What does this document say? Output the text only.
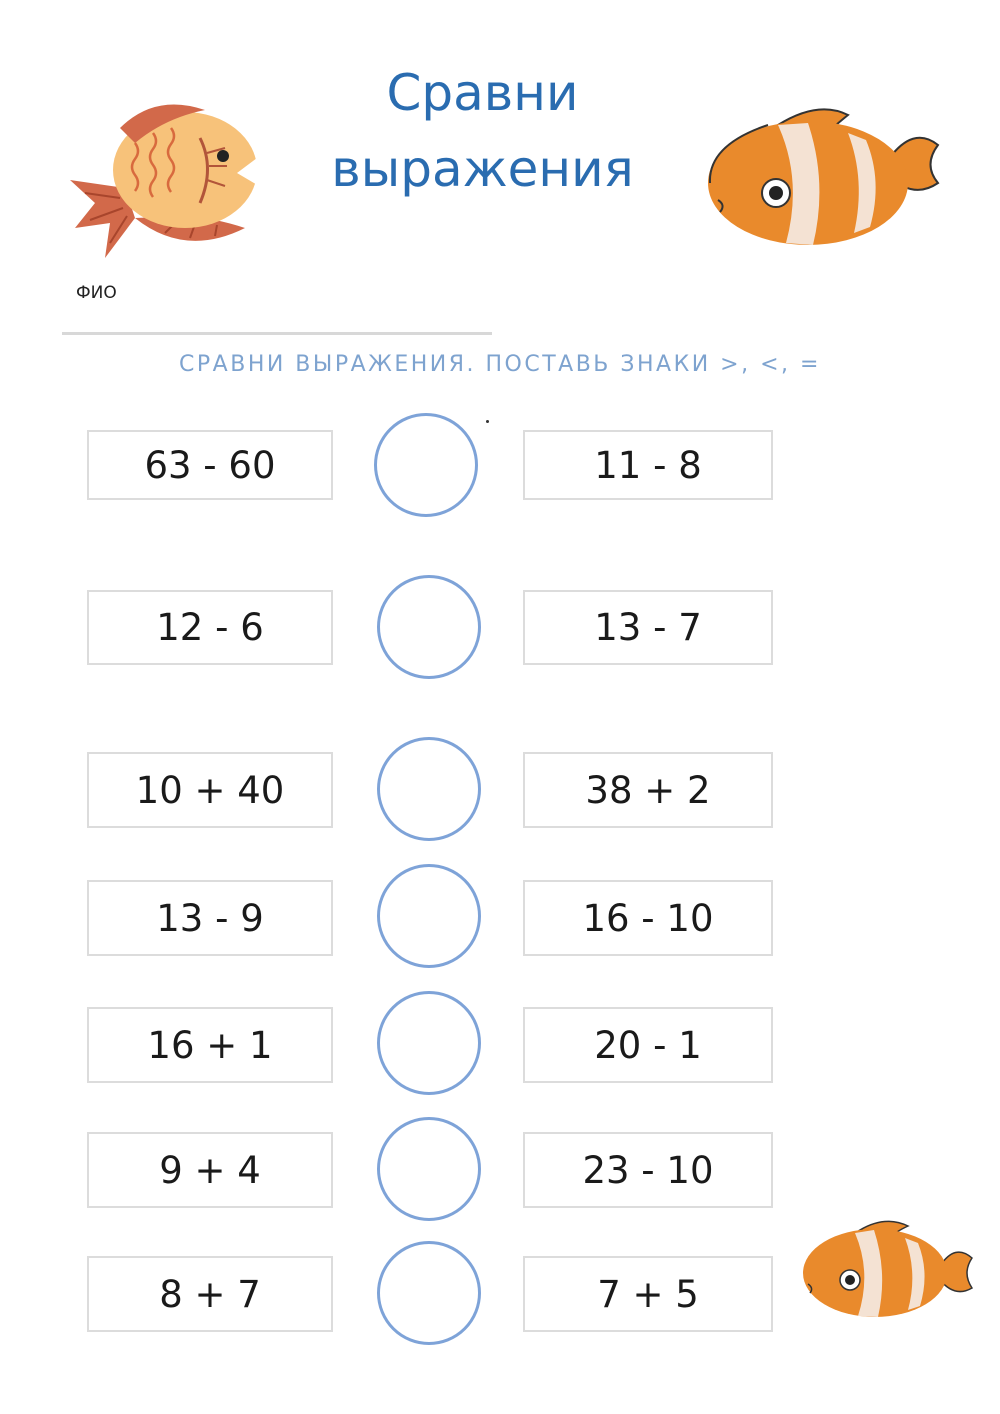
Сравни
выражения
ФИО
СРАВНИ ВЫРАЖЕНИЯ. ПОСТАВЬ ЗНАКИ >, <, =
63 - 60	11 - 8
12 - 6	13 - 7
10 + 40	38 + 2
13 - 9	16 - 10
16 + 1	20 - 1
9 + 4	23 - 10
8 + 7	7 + 5
